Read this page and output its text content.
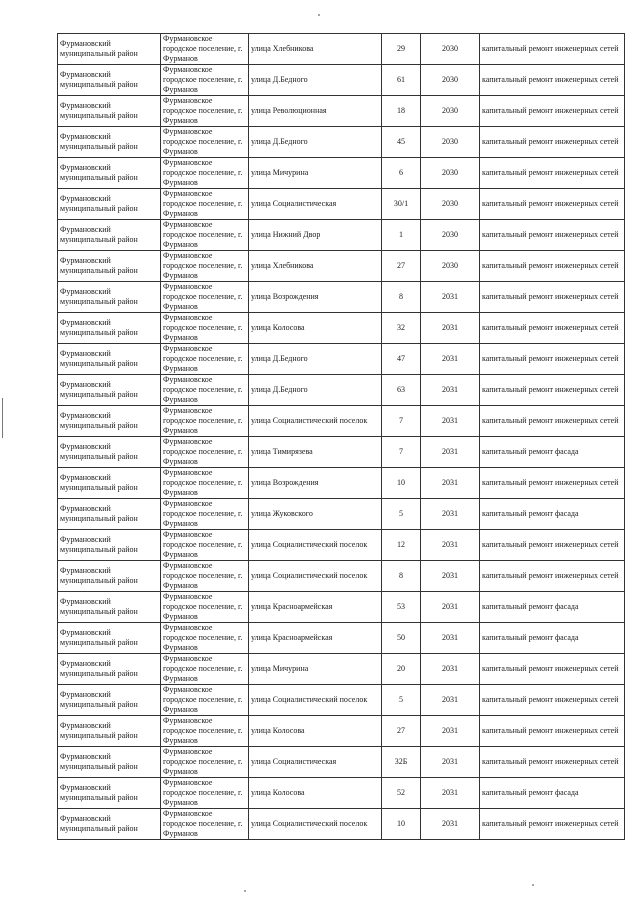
Фурмановский муниципальный район	Фурмановское городское поселение, г. Фурманов	улица Хлебникова	29	2030	капитальный ремонт инженерных сетей
Фурмановский муниципальный район	Фурмановское городское поселение, г. Фурманов	улица Д.Бедного	61	2030	капитальный ремонт инженерных сетей
Фурмановский муниципальный район	Фурмановское городское поселение, г. Фурманов	улица Революционная	18	2030	капитальный ремонт инженерных сетей
Фурмановский муниципальный район	Фурмановское городское поселение, г. Фурманов	улица Д.Бедного	45	2030	капитальный ремонт инженерных сетей
Фурмановский муниципальный район	Фурмановское городское поселение, г. Фурманов	улица Мичурина	6	2030	капитальный ремонт инженерных сетей
Фурмановский муниципальный район	Фурмановское городское поселение, г. Фурманов	улица Социалистическая	30/1	2030	капитальный ремонт инженерных сетей
Фурмановский муниципальный район	Фурмановское городское поселение, г. Фурманов	улица Нижний Двор	1	2030	капитальный ремонт инженерных сетей
Фурмановский муниципальный район	Фурмановское городское поселение, г. Фурманов	улица Хлебникова	27	2030	капитальный ремонт инженерных сетей
Фурмановский муниципальный район	Фурмановское городское поселение, г. Фурманов	улица Возрождения	8	2031	капитальный ремонт инженерных сетей
Фурмановский муниципальный район	Фурмановское городское поселение, г. Фурманов	улица Колосова	32	2031	капитальный ремонт инженерных сетей
Фурмановский муниципальный район	Фурмановское городское поселение, г. Фурманов	улица Д.Бедного	47	2031	капитальный ремонт инженерных сетей
Фурмановский муниципальный район	Фурмановское городское поселение, г. Фурманов	улица Д.Бедного	63	2031	капитальный ремонт инженерных сетей
Фурмановский муниципальный район	Фурмановское городское поселение, г. Фурманов	улица Социалистический поселок	7	2031	капитальный ремонт инженерных сетей
Фурмановский муниципальный район	Фурмановское городское поселение, г. Фурманов	улица Тимирязева	7	2031	капитальный ремонт фасада
Фурмановский муниципальный район	Фурмановское городское поселение, г. Фурманов	улица Возрождения	10	2031	капитальный ремонт инженерных сетей
Фурмановский муниципальный район	Фурмановское городское поселение, г. Фурманов	улица Жуковского	5	2031	капитальный ремонт фасада
Фурмановский муниципальный район	Фурмановское городское поселение, г. Фурманов	улица Социалистический поселок	12	2031	капитальный ремонт инженерных сетей
Фурмановский муниципальный район	Фурмановское городское поселение, г. Фурманов	улица Социалистический поселок	8	2031	капитальный ремонт инженерных сетей
Фурмановский муниципальный район	Фурмановское городское поселение, г. Фурманов	улица Красноармейская	53	2031	капитальный ремонт фасада
Фурмановский муниципальный район	Фурмановское городское поселение, г. Фурманов	улица Красноармейская	50	2031	капитальный ремонт фасада
Фурмановский муниципальный район	Фурмановское городское поселение, г. Фурманов	улица Мичурина	20	2031	капитальный ремонт инженерных сетей
Фурмановский муниципальный район	Фурмановское городское поселение, г. Фурманов	улица Социалистический поселок	5	2031	капитальный ремонт инженерных сетей
Фурмановский муниципальный район	Фурмановское городское поселение, г. Фурманов	улица Колосова	27	2031	капитальный ремонт инженерных сетей
Фурмановский муниципальный район	Фурмановское городское поселение, г. Фурманов	улица Социалистическая	32Б	2031	капитальный ремонт инженерных сетей
Фурмановский муниципальный район	Фурмановское городское поселение, г. Фурманов	улица Колосова	52	2031	капитальный ремонт фасада
Фурмановский муниципальный район	Фурмановское городское поселение, г. Фурманов	улица Социалистический поселок	10	2031	капитальный ремонт инженерных сетей
